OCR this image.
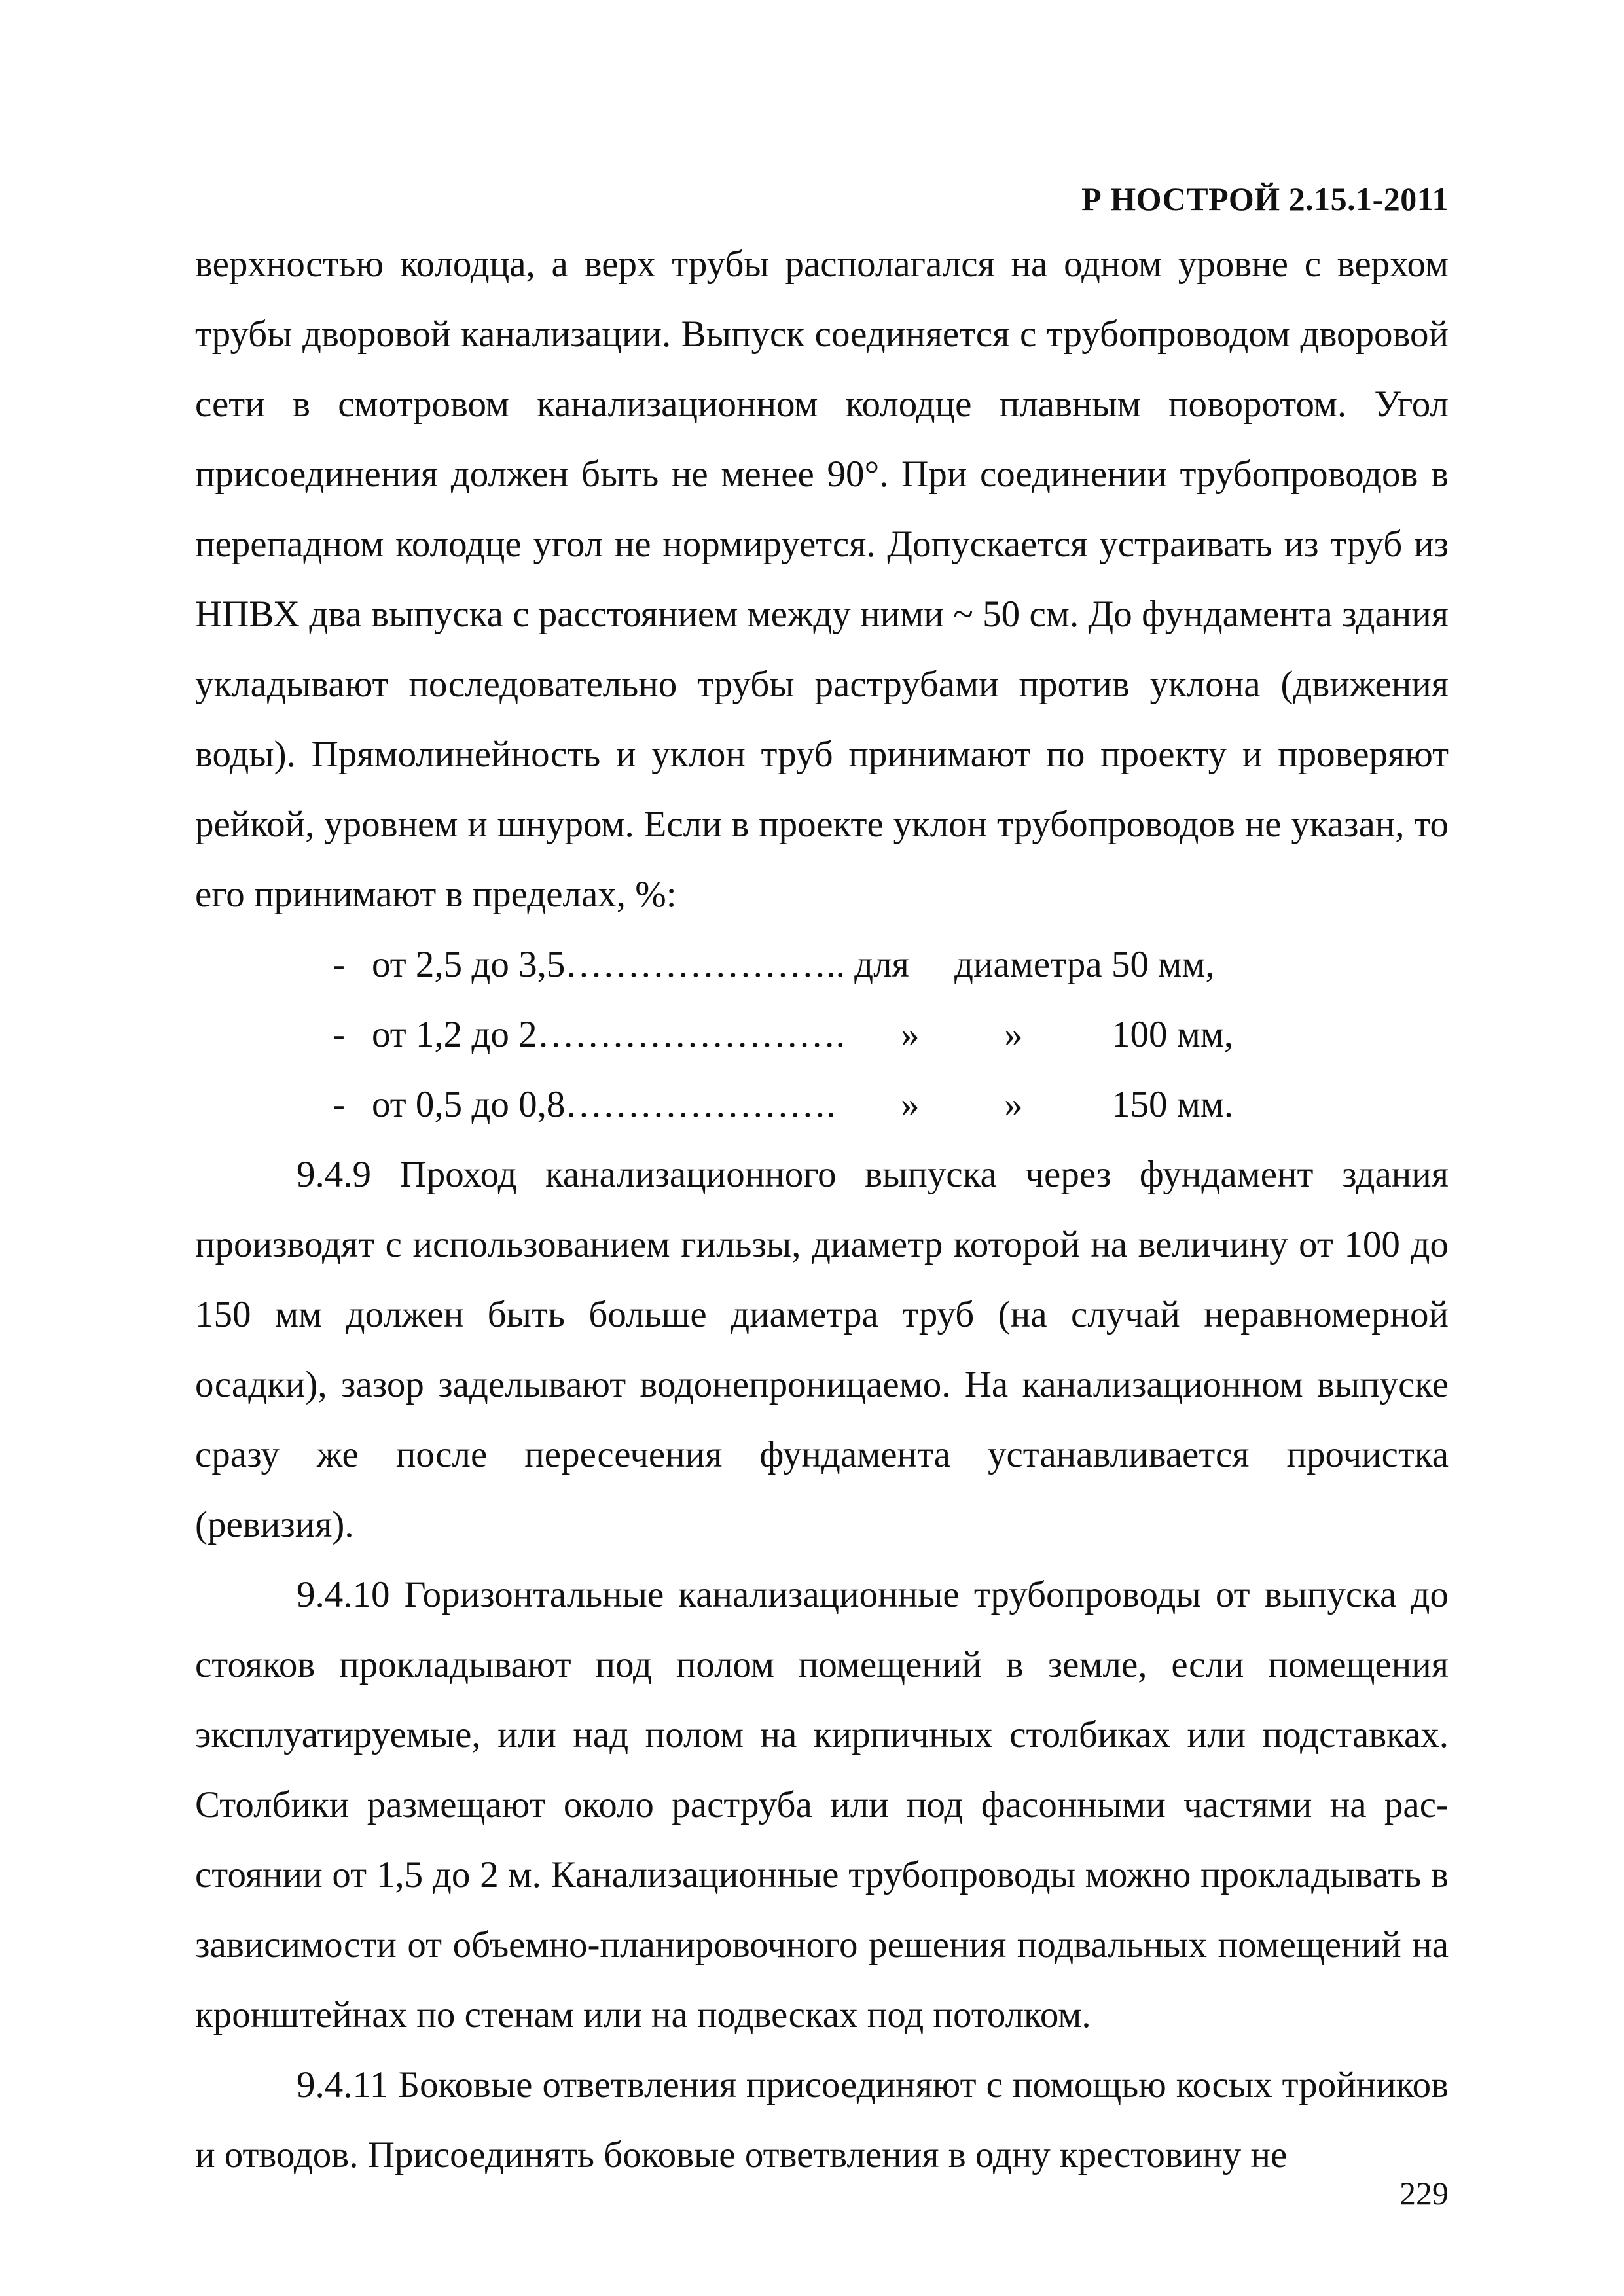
Р НОСТРОЙ 2.15.1-2011

верхностью колодца, а верх трубы располагался на одном уровне с верхом трубы дворовой канализации. Выпуск соединяется с трубопроводом дворовой сети в смотровом канализационном колодце плавным поворотом. Угол присоединения должен быть не менее 90°. При соединении трубопроводов в перепадном колодце угол не нормируется. Допускается устраивать из труб из НПВХ два выпуска с расстоянием между ними ~ 50 см. До фундамента здания укладывают последовательно трубы раструбами против уклона (движения воды). Прямолинейность и уклон труб принимают по проекту и проверяют рейкой, уровнем и шнуром. Если в проекте уклон трубопроводов не указан, то его принимают в пределах, %:

- от 2,5 до 3,5………………….. для диаметра 50 мм,
- от 1,2 до 2……………………. » » 100 мм,
- от 0,5 до 0,8…………………. » » 150 мм.

9.4.9 Проход канализационного выпуска через фундамент здания производят с использованием гильзы, диаметр которой на величину от 100 до 150 мм должен быть больше диаметра труб (на случай неравномерной осадки), зазор заделывают водонепроницаемо. На канализационном выпуске сразу же после пересечения фундамента устанавливается прочистка (ревизия).

9.4.10 Горизонтальные канализационные трубопроводы от выпуска до стояков прокладывают под полом помещений в земле, если помещения эксплуатируемые, или над полом на кирпичных столбиках или подставках. Столбики размещают около раструба или под фасонными частями на расстоянии от 1,5 до 2 м. Канализационные трубопроводы можно прокладывать в зависимости от объемно-планировочного решения подвальных помещений на кронштейнах по стенам или на подвесках под потолком.

9.4.11 Боковые ответвления присоединяют с помощью косых тройников и отводов. Присоединять боковые ответвления в одну крестовину не

229
